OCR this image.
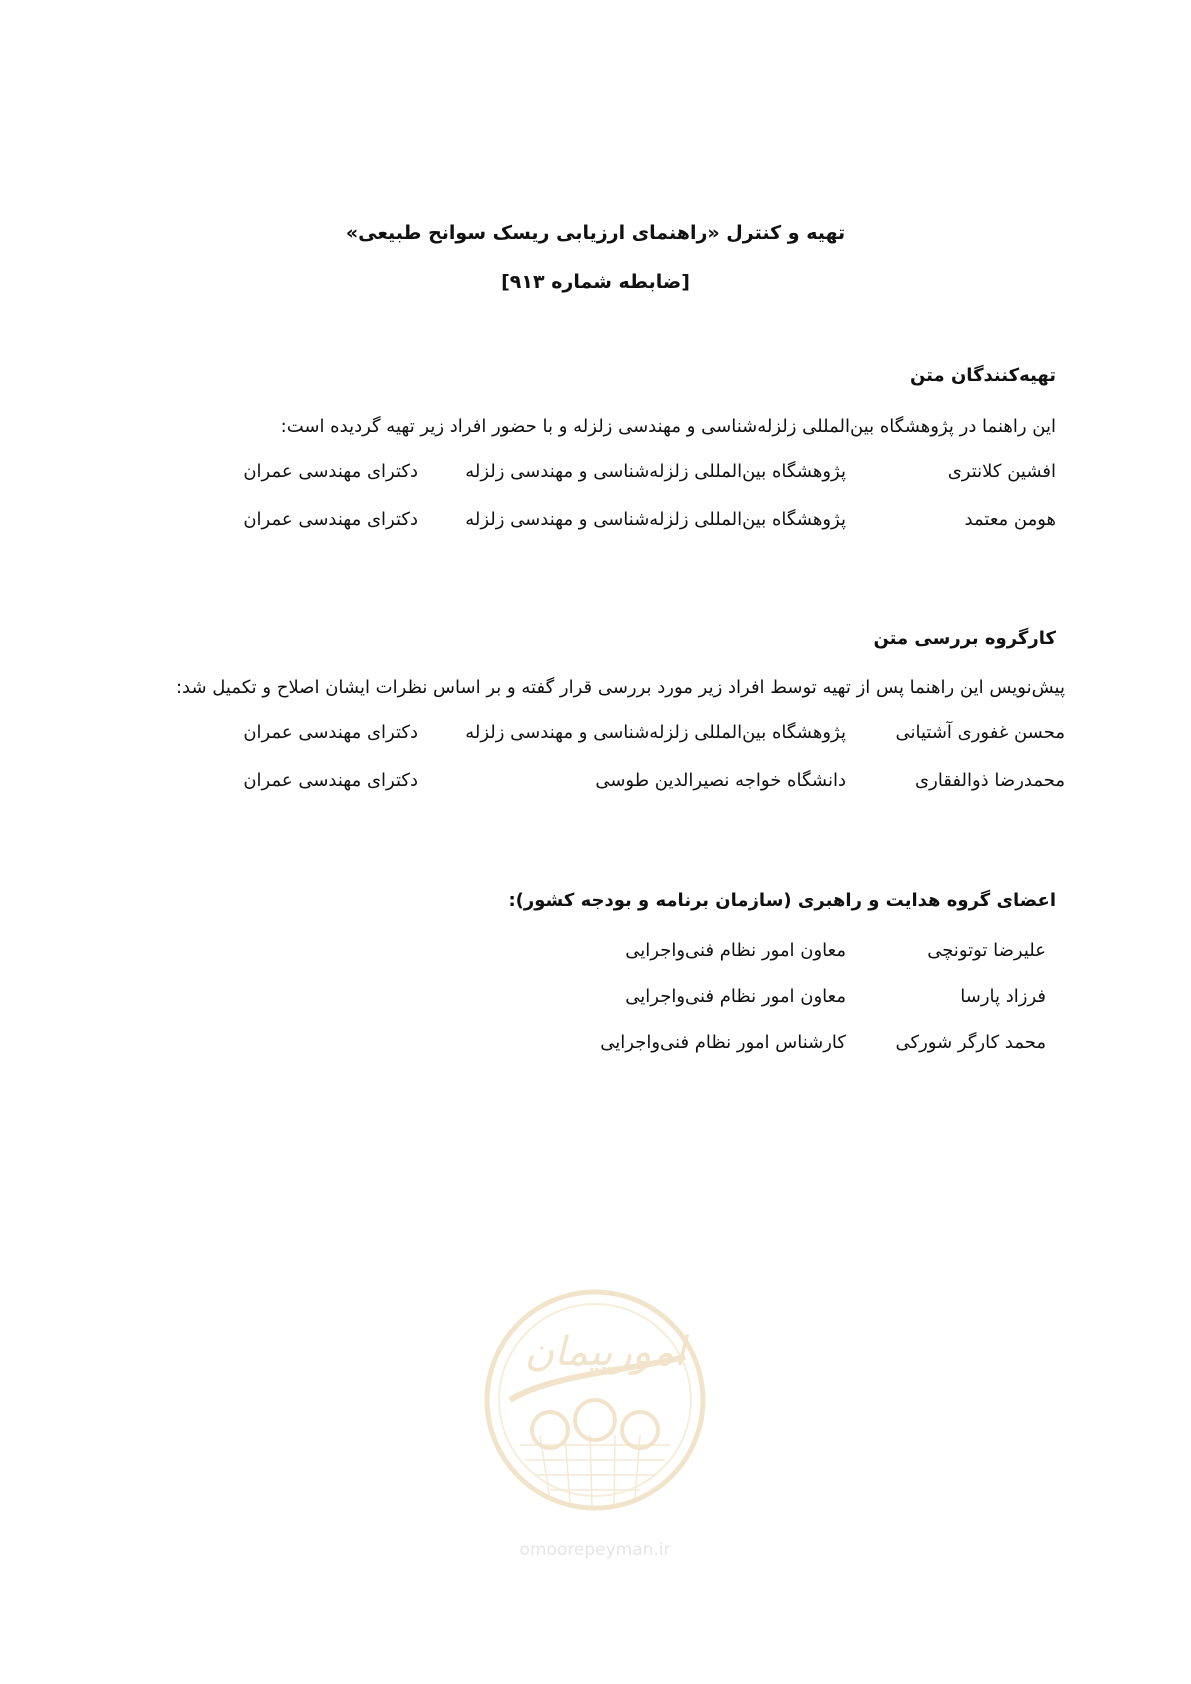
تهیه و کنترل «راهنمای ارزیابی ریسک سوانح طبیعی»
[ضابطه شماره ۹۱۳]
تهیه‌کنندگان متن
این راهنما در پژوهشگاه بین‌المللی زلزله‌شناسی و مهندسی زلزله و با حضور افراد زیر تهیه گردیده است:
افشین کلانتری
پژوهشگاه بین‌المللی زلزله‌شناسی و مهندسی زلزله
دکترای مهندسی عمران
هومن معتمد
پژوهشگاه بین‌المللی زلزله‌شناسی و مهندسی زلزله
دکترای مهندسی عمران
کارگروه بررسی متن
پیش‌نویس این راهنما پس از تهیه توسط افراد زیر مورد بررسی قرار گفته و بر اساس نظرات ایشان اصلاح و تکمیل شد:
محسن غفوری آشتیانی
پژوهشگاه بین‌المللی زلزله‌شناسی و مهندسی زلزله
دکترای مهندسی عمران
محمدرضا ذوالفقاری
دانشگاه خواجه نصیرالدین طوسی
دکترای مهندسی عمران
اعضای گروه هدایت و راهبری (سازمان برنامه و بودجه کشور):
علیرضا توتونچی
معاون امور نظام فنی‌واجرایی
فرزاد پارسا
معاون امور نظام فنی‌واجرایی
محمد کارگر شورکی
کارشناس امور نظام فنی‌واجرایی
امورپیمان
omoorepeyman.ir
